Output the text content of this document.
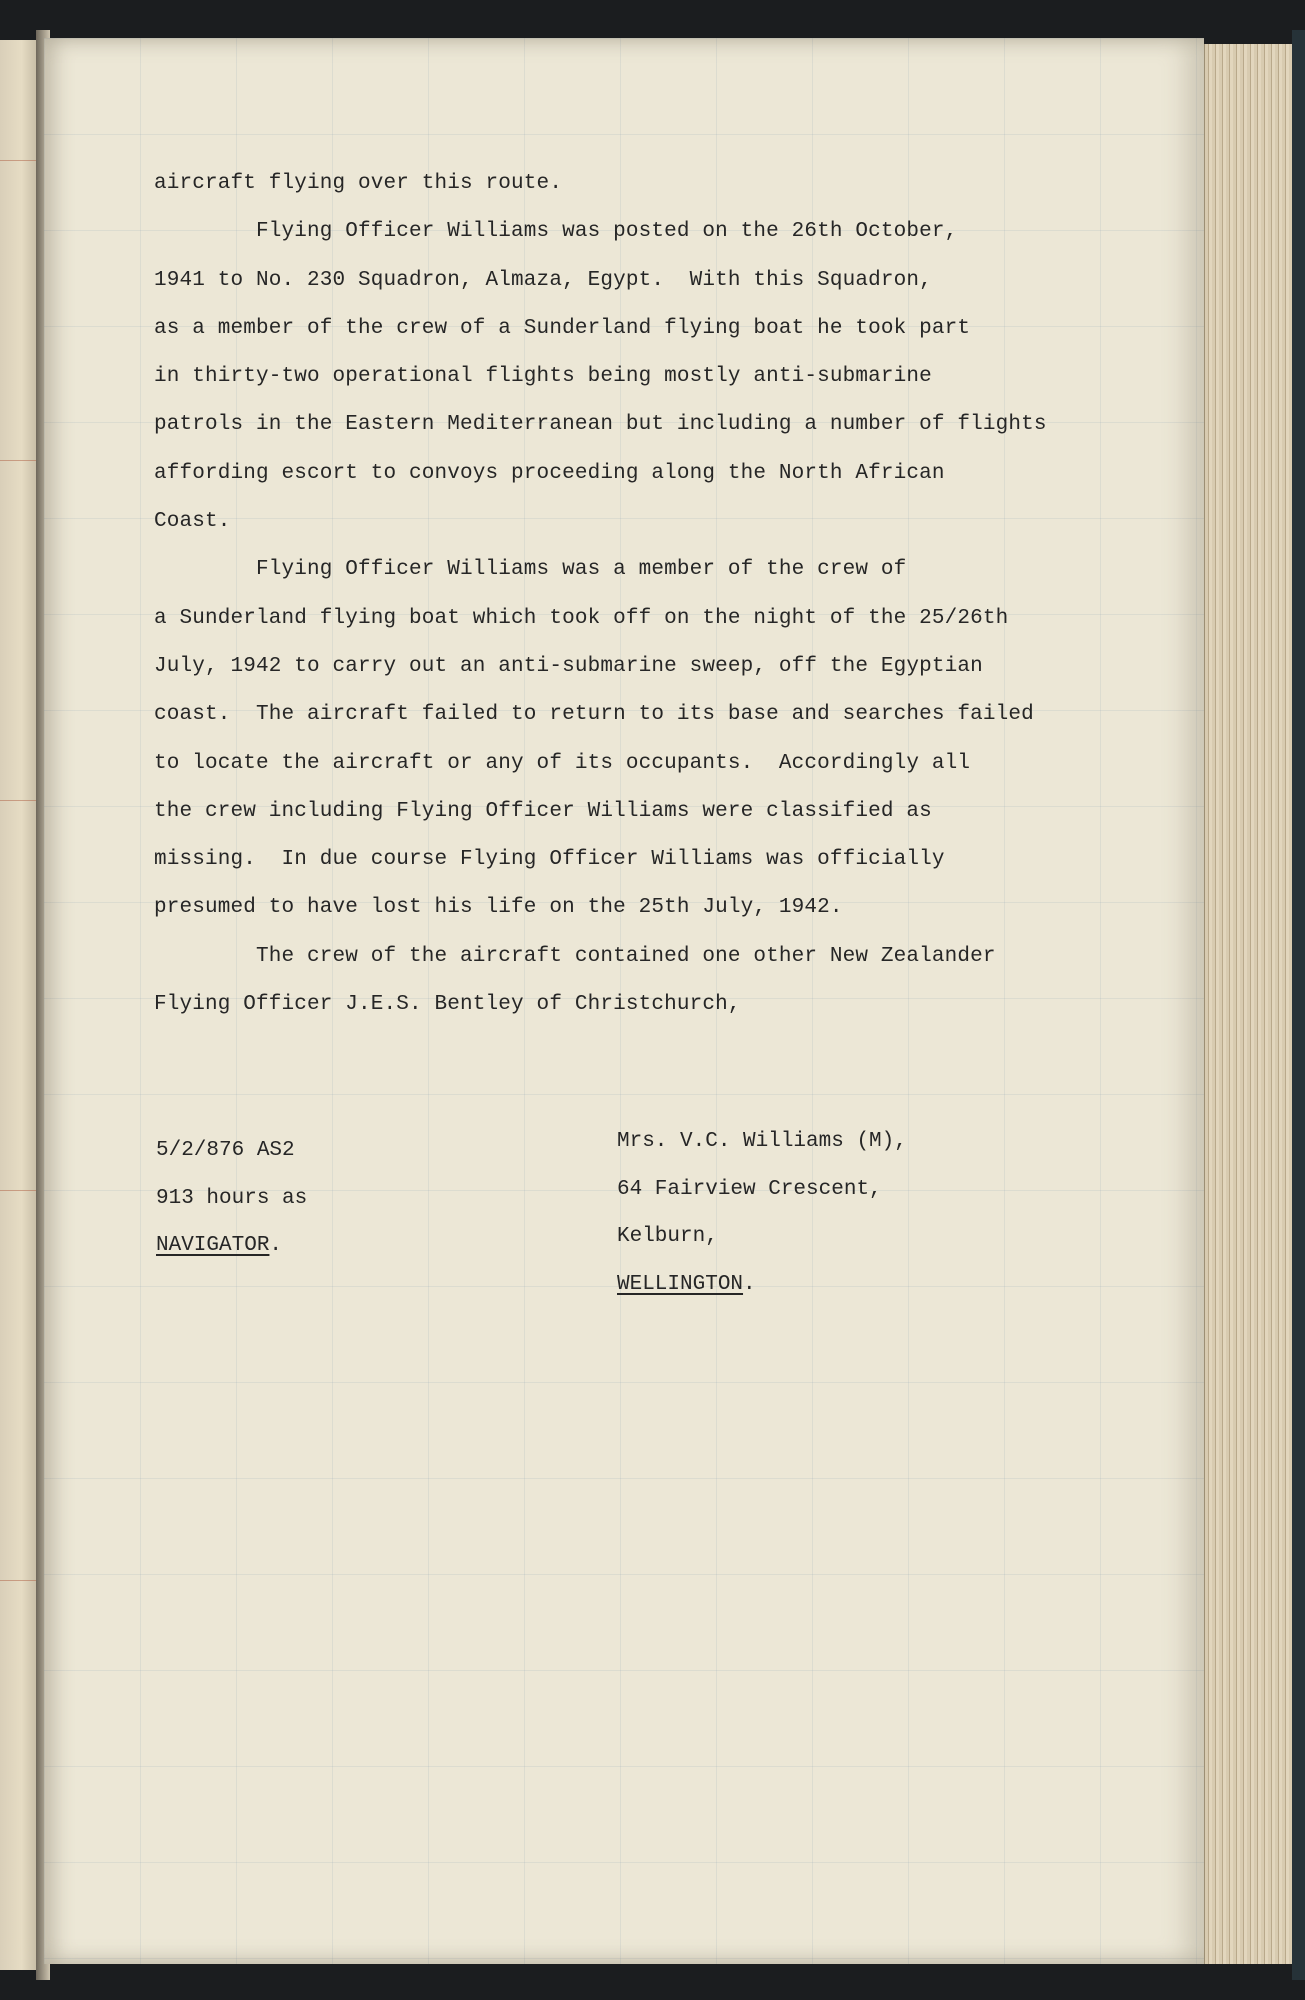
aircraft flying over this route.
Flying Officer Williams was posted on the 26th October,
1941 to No. 230 Squadron, Almaza, Egypt.  With this Squadron,
as a member of the crew of a Sunderland flying boat he took part
in thirty-two operational flights being mostly anti-submarine
patrols in the Eastern Mediterranean but including a number of flights
affording escort to convoys proceeding along the North African
Coast.
Flying Officer Williams was a member of the crew of
a Sunderland flying boat which took off on the night of the 25/26th
July, 1942 to carry out an anti-submarine sweep, off the Egyptian
coast.  The aircraft failed to return to its base and searches failed
to locate the aircraft or any of its occupants.  Accordingly all
the crew including Flying Officer Williams were classified as
missing.  In due course Flying Officer Williams was officially
presumed to have lost his life on the 25th July, 1942.
The crew of the aircraft contained one other New Zealander
Flying Officer J.E.S. Bentley of Christchurch,
5/2/876 AS2
913 hours as
NAVIGATOR.
Mrs. V.C. Williams (M),
64 Fairview Crescent,
Kelburn,
WELLINGTON.
